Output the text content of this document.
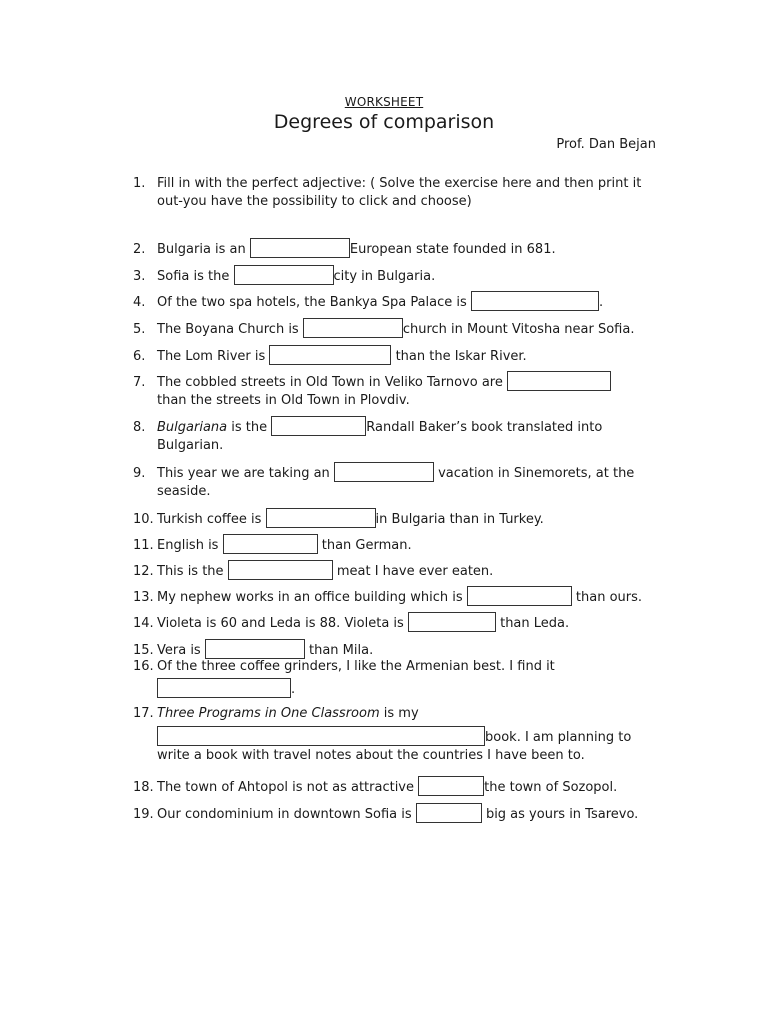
WORKSHEET
Degrees of comparison
Prof. Dan Bejan
1. Fill in with the perfect adjective: ( Solve the exercise here and then print it
out-you have the possibility to click and choose)
2. Bulgaria is an	European state founded in 681.
3. Sofia is the	city in Bulgaria.
4. Of the two spa hotels, the Bankya Spa Palace is	.
5. The Boyana Church is	church in Mount Vitosha near Sofia.
6. The Lom River is	than the Iskar River.
7. The cobbled streets in Old Town in Veliko Tarnovo are
than the streets in Old Town in Plovdiv.
8. Bulgariana is the	Randall Baker’s book translated into
Bulgarian.
9. This year we are taking an	vacation in Sinemorets, at the
seaside.
10. Turkish coffee is	in Bulgaria than in Turkey.
11. English is	than German.
12. This is the	meat I have ever eaten.
13. My nephew works in an office building which is	than ours.
14. Violeta is 60 and Leda is 88. Violeta is	than Leda.
15. Vera is	than Mila.
16. Of the three coffee grinders, I like the Armenian best. I find it
.
17. Three Programs in One Classroom is my
book. I am planning to
write a book with travel notes about the countries I have been to.
18. The town of Ahtopol is not as attractive	the town of Sozopol.
19. Our condominium in downtown Sofia is	big as yours in Tsarevo.
